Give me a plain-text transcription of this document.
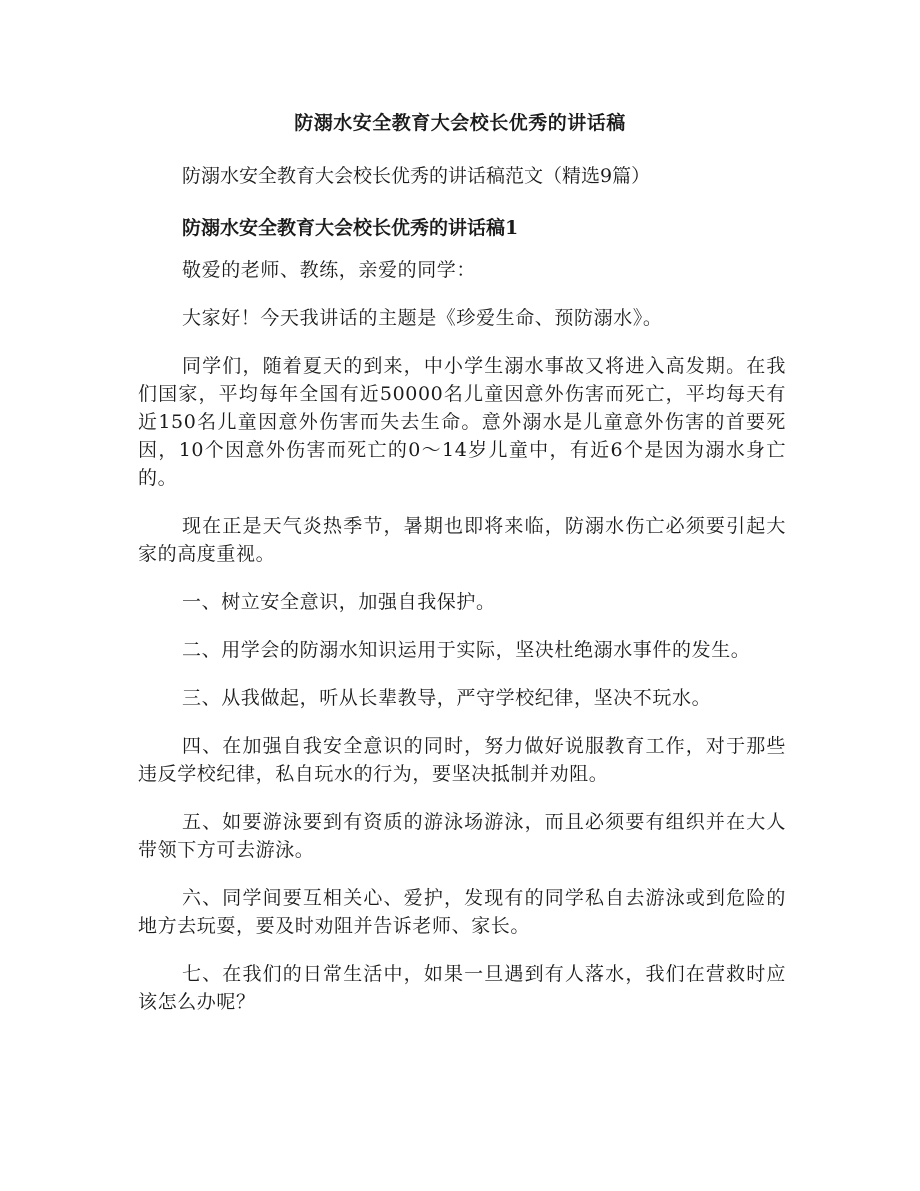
防溺水安全教育大会校长优秀的讲话稿

防溺水安全教育大会校长优秀的讲话稿范文（精选9篇）

防溺水安全教育大会校长优秀的讲话稿1

敬爱的老师、教练，亲爱的同学：

大家好！今天我讲话的主题是《珍爱生命、预防溺水》。

同学们，随着夏天的到来，中小学生溺水事故又将进入高发期。在我们国家，平均每年全国有近50000名儿童因意外伤害而死亡，平均每天有近150名儿童因意外伤害而失去生命。意外溺水是儿童意外伤害的首要死因，10个因意外伤害而死亡的0～14岁儿童中，有近6个是因为溺水身亡的。

现在正是天气炎热季节，暑期也即将来临，防溺水伤亡必须要引起大家的高度重视。

一、树立安全意识，加强自我保护。

二、用学会的防溺水知识运用于实际，坚决杜绝溺水事件的发生。

三、从我做起，听从长辈教导，严守学校纪律，坚决不玩水。

四、在加强自我安全意识的同时，努力做好说服教育工作，对于那些违反学校纪律，私自玩水的行为，要坚决抵制并劝阻。

五、如要游泳要到有资质的游泳场游泳，而且必须要有组织并在大人带领下方可去游泳。

六、同学间要互相关心、爱护，发现有的同学私自去游泳或到危险的地方去玩耍，要及时劝阻并告诉老师、家长。

七、在我们的日常生活中，如果一旦遇到有人落水，我们在营救时应该怎么办呢？
